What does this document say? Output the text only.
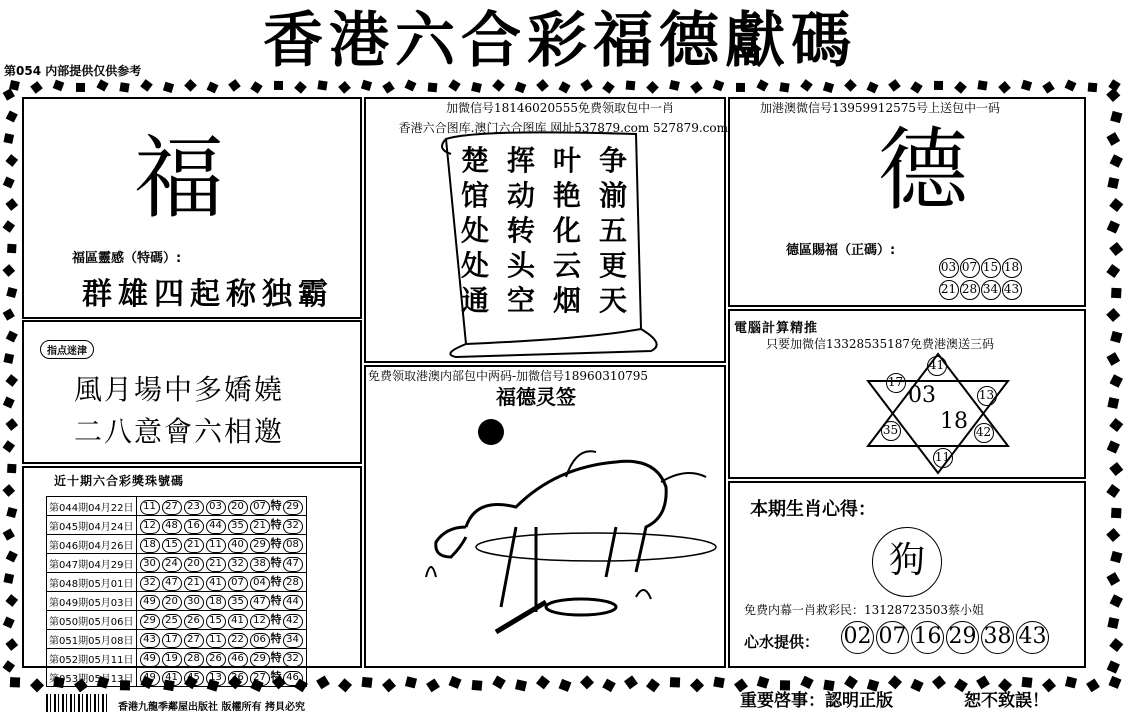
香港六合彩福德獻碼
第054 内部提供仅供参考
福
福區靈感（特碼）:
群雄四起称独霸
指点迷津
風月場中多嬌嬈
二八意會六相邀
近十期六合彩獎珠號碼
第044期04月22日	11 27 23 03 20 07 特 29
第045期04月24日	12 48 16 44 35 21 特 32
第046期04月26日	18 15 21 11 40 29 特 08
第047期04月29日	30 24 20 21 32 38 特 47
第048期05月01日	32 47 21 41 07 04 特 28
第049期05月03日	49 20 30 18 35 47 特 44
第050期05月06日	29 25 26 15 41 12 特 42
第051期05月08日	43 17 27 11 22 06 特 34
第052期05月11日	49 19 28 26 46 29 特 32
第053期05月13日	49 41 45 13 26 27 特 46
加微信号18146020555免费领取包中一肖
香港六合图库.澳门六合图库 网址537879.com 527879.com
争
湔
五
更
天
叶
艳
化
云
烟
挥
动
转
头
空
楚
馆
处
处
通
免费领取港澳内部包中两码-加微信号18960310795
福德灵签
加港澳微信号13959912575号上送包中一码
德
德區賜福（正碼）:
03 07 15 18
21 28 34 43
電腦計算精推
只要加微信13328535187免费港澳送三码
41
17
13
35	42
11
03
18
本期生肖心得：
狗
免费内幕一肖救彩民：13128723503蔡小姐
心水提供： 02 07 16 29 38 43
香港九龍季鄰屋出版社 版權所有 拷貝必究	重要啓事：認明正版	恕不致誤！
